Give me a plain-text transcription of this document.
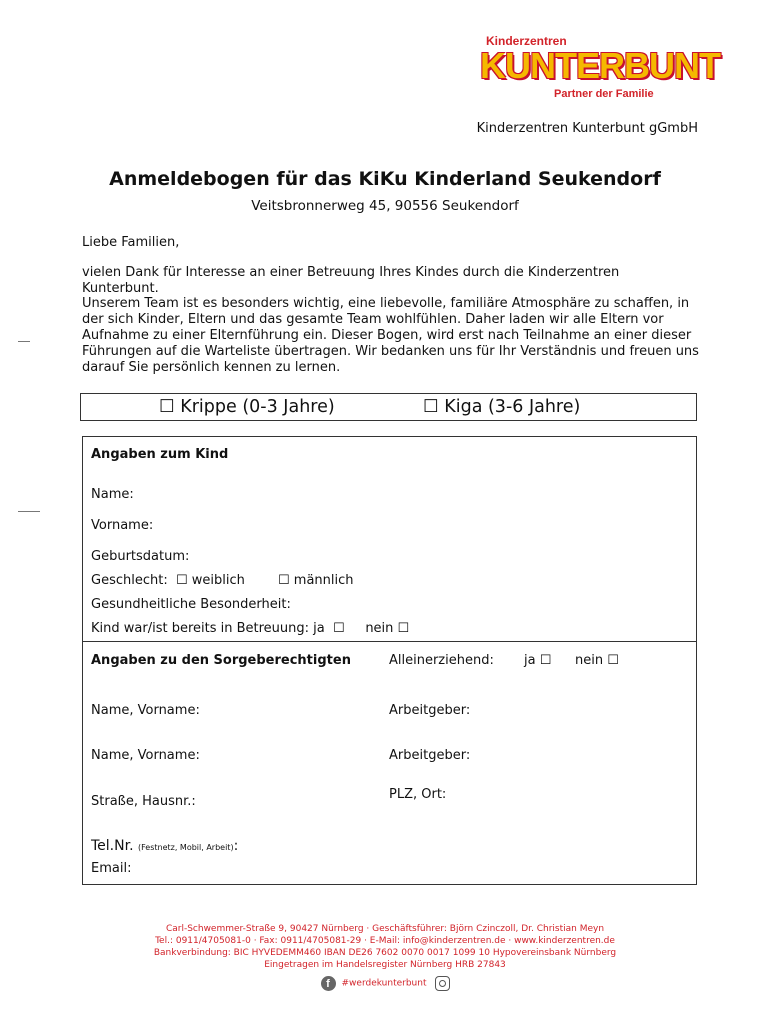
Kinderzentren
KUNTERBUNT
Partner der Familie
Kinderzentren Kunterbunt gGmbH
Anmeldebogen für das KiKu Kinderland Seukendorf
Veitsbronnerweg 45, 90556 Seukendorf
Liebe Familien,
vielen Dank für Interesse an einer Betreuung Ihres Kindes durch die Kinderzentren Kunterbunt.
Unserem Team ist es besonders wichtig, eine liebevolle, familiäre Atmosphäre zu schaffen, in der sich Kinder, Eltern und das gesamte Team wohlfühlen. Daher laden wir alle Eltern vor Aufnahme zu einer Elternführung ein. Dieser Bogen, wird erst nach Teilnahme an einer dieser Führungen auf die Warteliste übertragen. Wir bedanken uns für Ihr Verständnis und freuen uns darauf Sie persönlich kennen zu lernen.
☐ Krippe (0-3 Jahre)	☐ Kiga (3-6 Jahre)
Angaben zum Kind
Name:
Vorname:
Geburtsdatum:
Geschlecht: ☐ weiblich	☐ männlich
Gesundheitliche Besonderheit:
Kind war/ist bereits in Betreuung: ja  ☐     nein ☐
Angaben zu den Sorgeberechtigten	Alleinerziehend: ja ☐ nein ☐
Name, Vorname:	Arbeitgeber:
Name, Vorname:	Arbeitgeber:
Straße, Hausnr.:	PLZ, Ort:
Tel.Nr. (Festnetz, Mobil, Arbeit):
Email:
Carl-Schwemmer-Straße 9, 90427 Nürnberg · Geschäftsführer: Björn Czinczoll, Dr. Christian Meyn
Tel.: 0911/4705081-0 · Fax: 0911/4705081-29 · E-Mail: info@kinderzentren.de · www.kinderzentren.de
Bankverbindung: BIC HYVEDEMM460 IBAN DE26 7602 0070 0017 1099 10 Hypovereinsbank Nürnberg
Eingetragen im Handelsregister Nürnberg HRB 27843
f #werdekunterbunt
